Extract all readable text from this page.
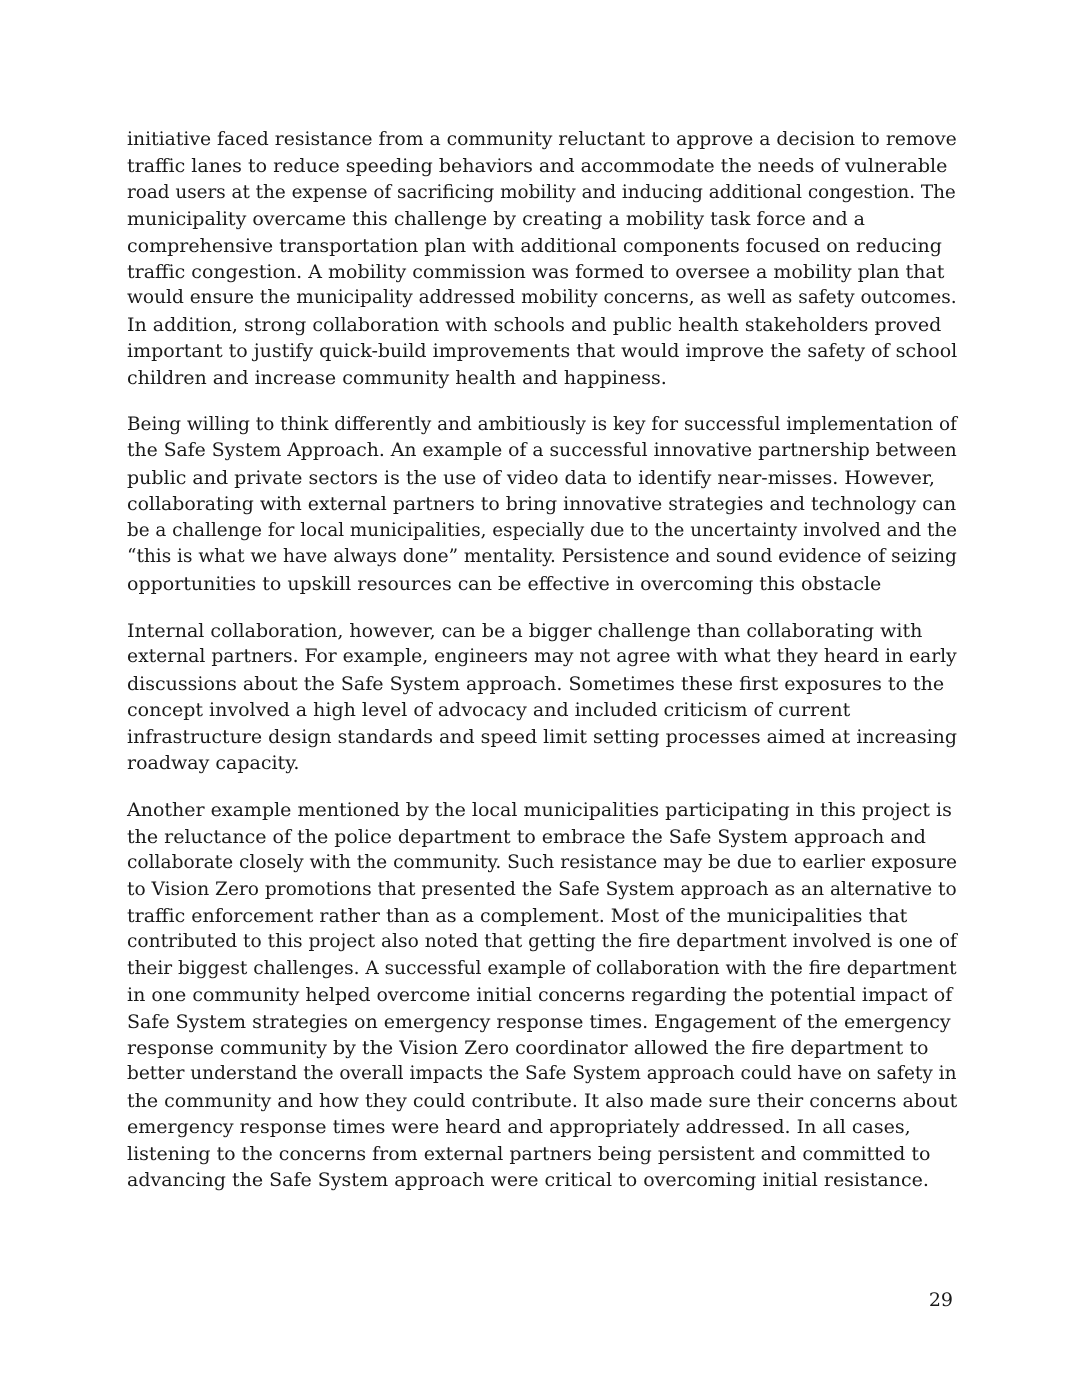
initiative faced resistance from a community reluctant to approve a decision to remove
traffic lanes to reduce speeding behaviors and accommodate the needs of vulnerable
road users at the expense of sacrificing mobility and inducing additional congestion. The
municipality overcame this challenge by creating a mobility task force and a
comprehensive transportation plan with additional components focused on reducing
traffic congestion. A mobility commission was formed to oversee a mobility plan that
would ensure the municipality addressed mobility concerns, as well as safety outcomes.
In addition, strong collaboration with schools and public health stakeholders proved
important to justify quick-build improvements that would improve the safety of school
children and increase community health and happiness.

Being willing to think differently and ambitiously is key for successful implementation of
the Safe System Approach. An example of a successful innovative partnership between
public and private sectors is the use of video data to identify near-misses. However,
collaborating with external partners to bring innovative strategies and technology can
be a challenge for local municipalities, especially due to the uncertainty involved and the
“this is what we have always done” mentality. Persistence and sound evidence of seizing
opportunities to upskill resources can be effective in overcoming this obstacle

Internal collaboration, however, can be a bigger challenge than collaborating with
external partners. For example, engineers may not agree with what they heard in early
discussions about the Safe System approach. Sometimes these first exposures to the
concept involved a high level of advocacy and included criticism of current
infrastructure design standards and speed limit setting processes aimed at increasing
roadway capacity.

Another example mentioned by the local municipalities participating in this project is
the reluctance of the police department to embrace the Safe System approach and
collaborate closely with the community. Such resistance may be due to earlier exposure
to Vision Zero promotions that presented the Safe System approach as an alternative to
traffic enforcement rather than as a complement. Most of the municipalities that
contributed to this project also noted that getting the fire department involved is one of
their biggest challenges. A successful example of collaboration with the fire department
in one community helped overcome initial concerns regarding the potential impact of
Safe System strategies on emergency response times. Engagement of the emergency
response community by the Vision Zero coordinator allowed the fire department to
better understand the overall impacts the Safe System approach could have on safety in
the community and how they could contribute. It also made sure their concerns about
emergency response times were heard and appropriately addressed. In all cases,
listening to the concerns from external partners being persistent and committed to
advancing the Safe System approach were critical to overcoming initial resistance.

29
